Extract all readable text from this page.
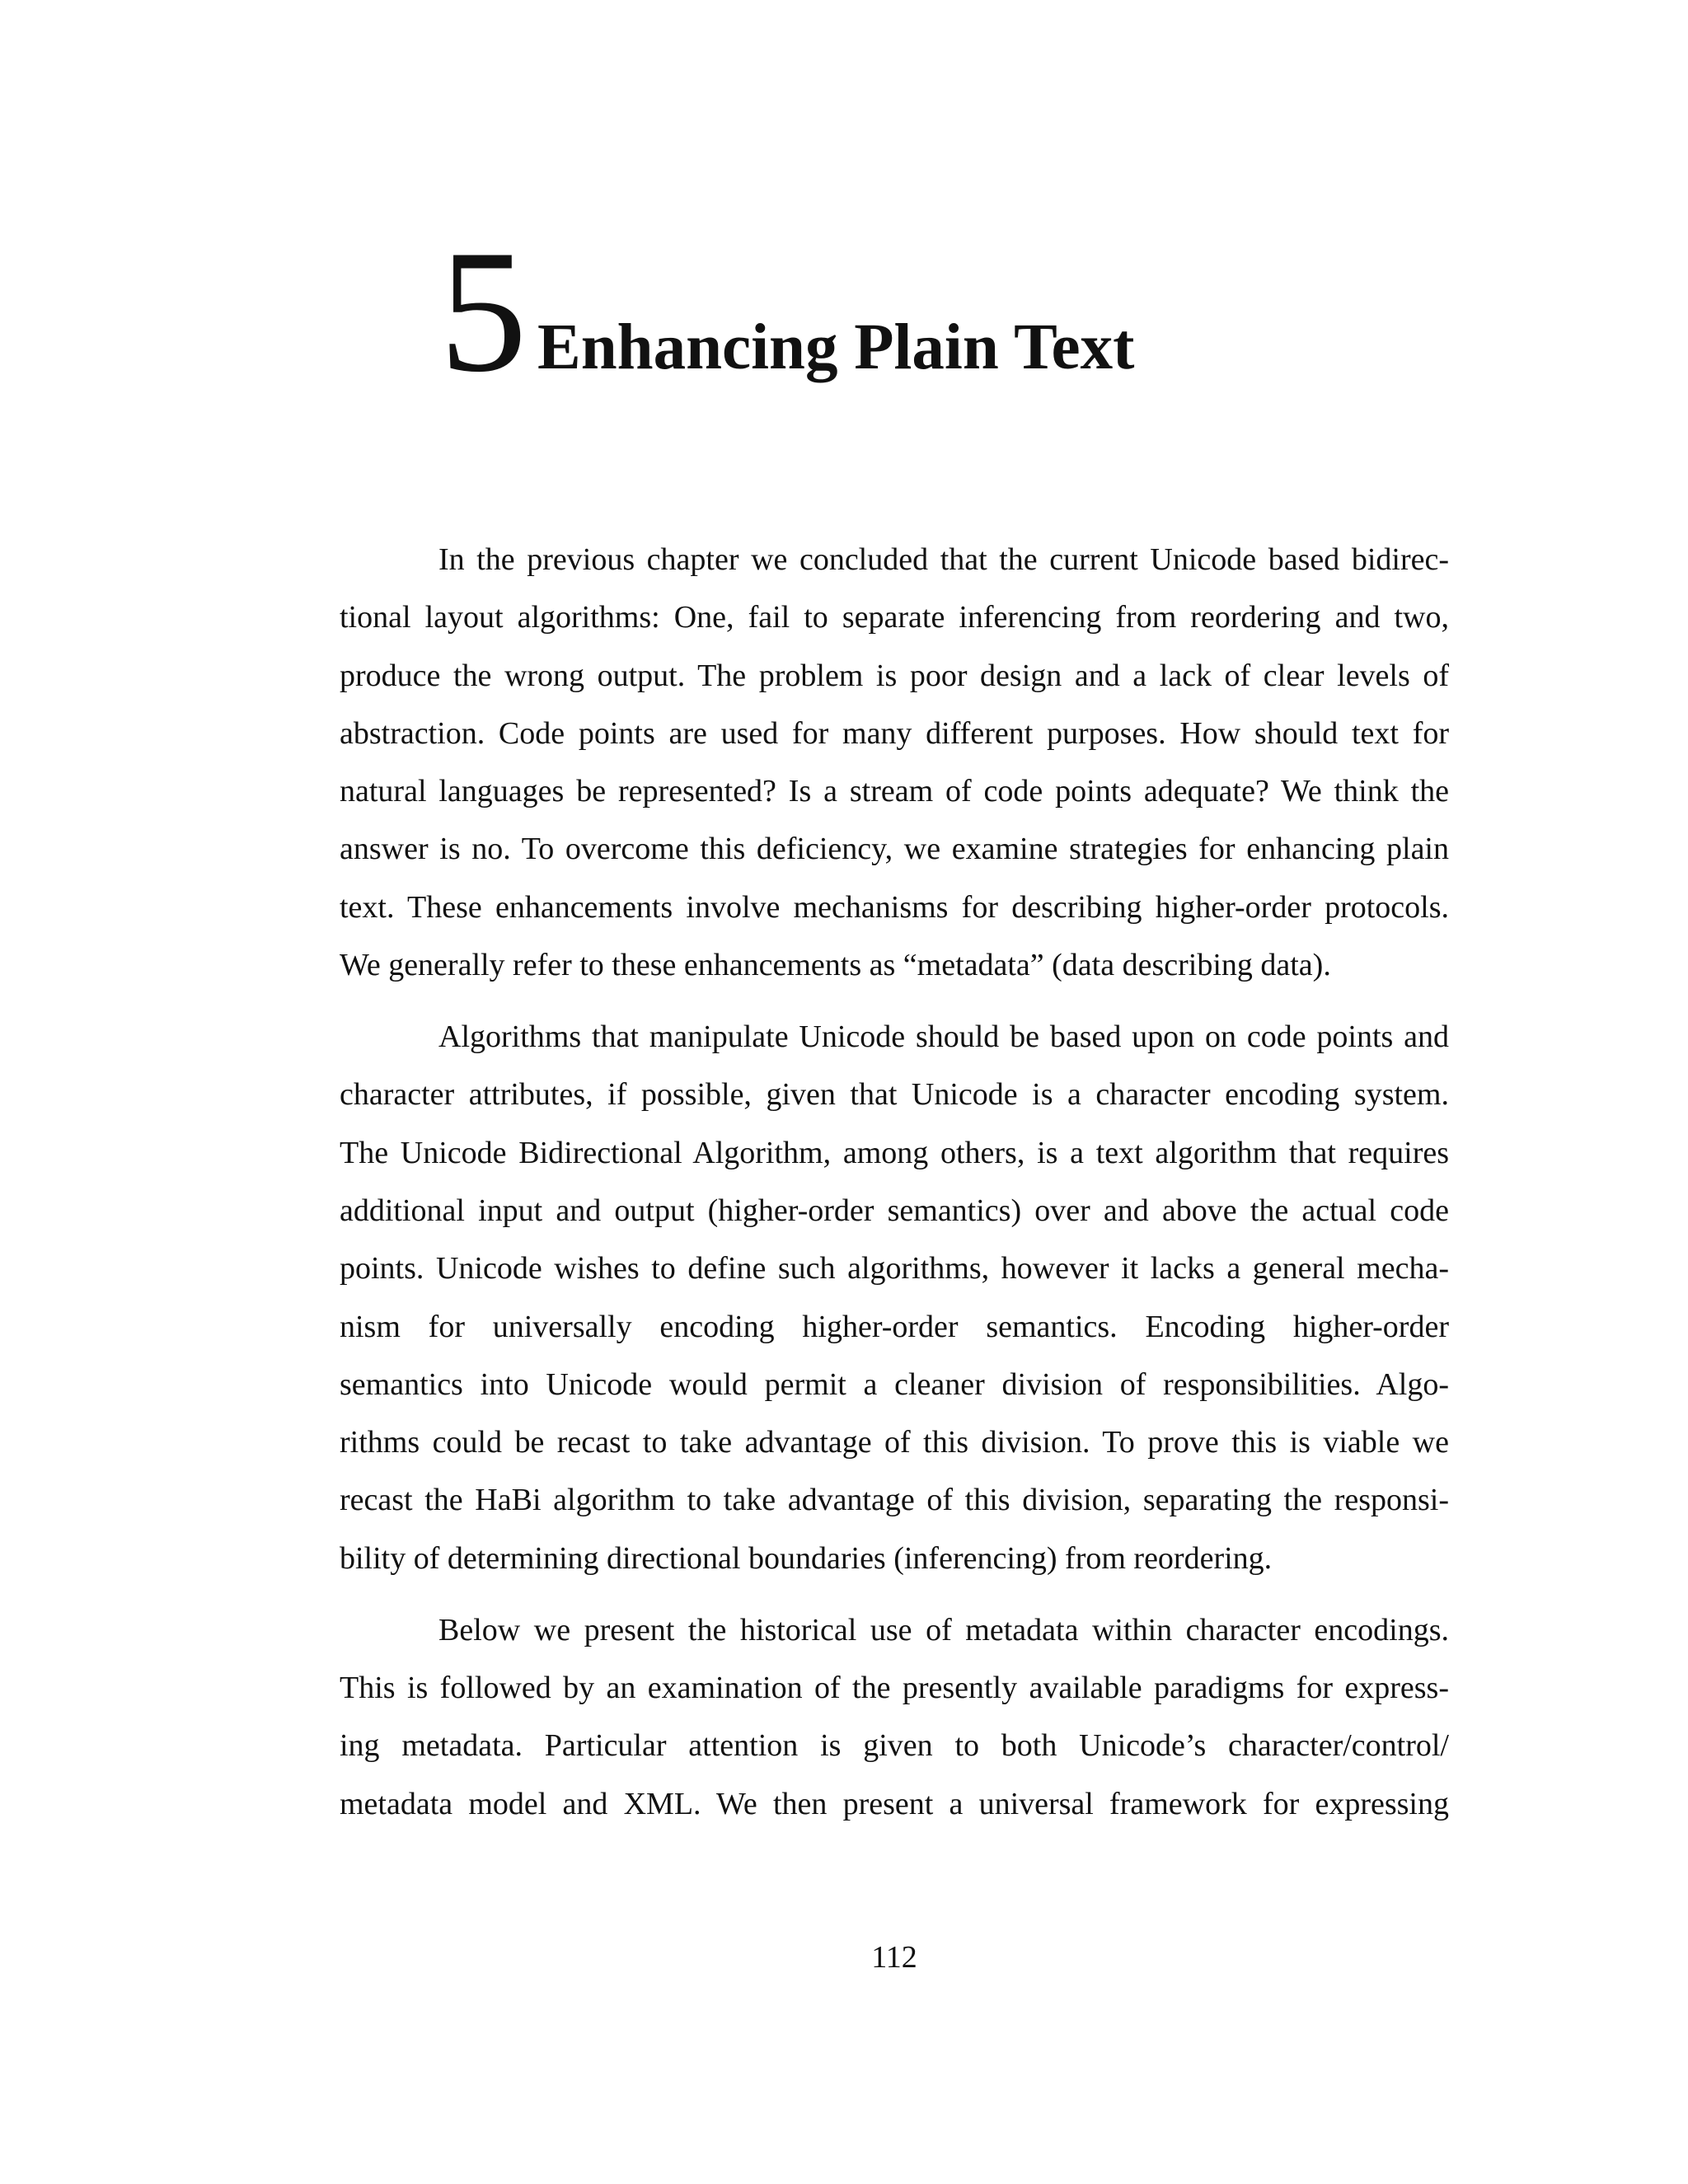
5 Enhancing Plain Text
In the previous chapter we concluded that the current Unicode based bidirec-
tional layout algorithms: One, fail to separate inferencing from reordering and two,
produce the wrong output. The problem is poor design and a lack of clear levels of
abstraction. Code points are used for many different purposes. How should text for
natural languages be represented? Is a stream of code points adequate? We think the
answer is no. To overcome this deficiency, we examine strategies for enhancing plain
text. These enhancements involve mechanisms for describing higher-order protocols.
We generally refer to these enhancements as “metadata” (data describing data).
Algorithms that manipulate Unicode should be based upon on code points and
character attributes, if possible, given that Unicode is a character encoding system.
The Unicode Bidirectional Algorithm, among others, is a text algorithm that requires
additional input and output (higher-order semantics) over and above the actual code
points. Unicode wishes to define such algorithms, however it lacks a general mecha-
nism for universally encoding higher-order semantics. Encoding higher-order
semantics into Unicode would permit a cleaner division of responsibilities. Algo-
rithms could be recast to take advantage of this division. To prove this is viable we
recast the HaBi algorithm to take advantage of this division, separating the responsi-
bility of determining directional boundaries (inferencing) from reordering.
Below we present the historical use of metadata within character encodings.
This is followed by an examination of the presently available paradigms for express-
ing metadata. Particular attention is given to both Unicode’s character/control/
metadata model and XML. We then present a universal framework for expressing
112
